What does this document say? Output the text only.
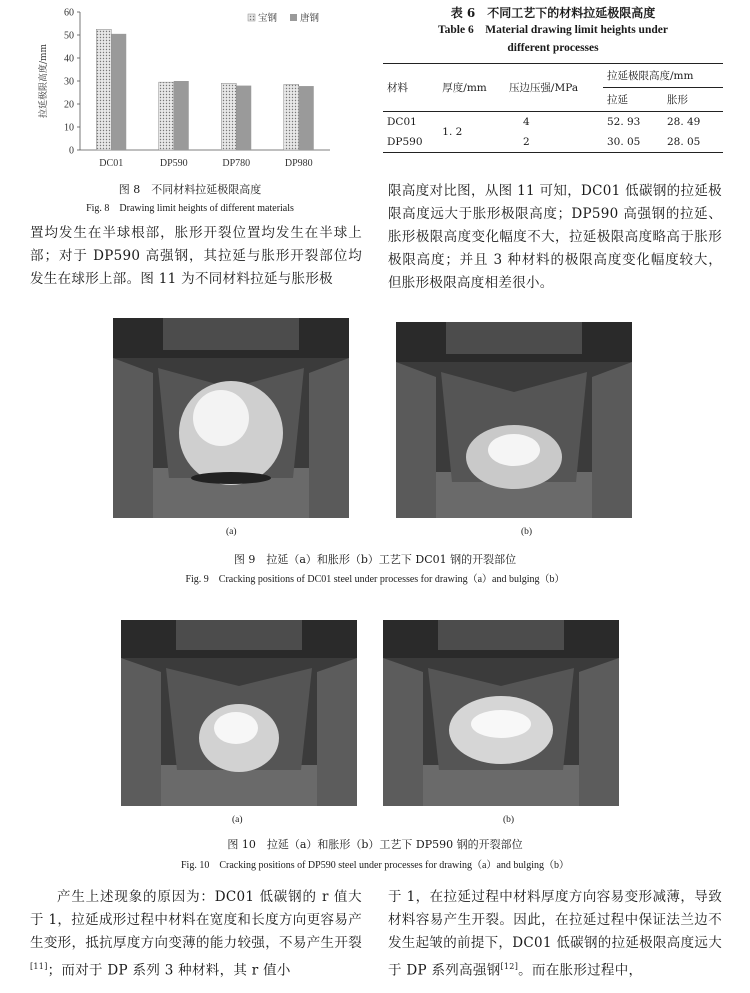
0
10
20
30
40
50
60
拉延极限高度/mm
DC01	DP590	DP780	DP980
宝钢 唐钢
图 8　不同材料拉延极限高度
Fig. 8　Drawing limit heights of different materials
表 6　不同工艺下的材料拉延极限高度
Table 6　Material drawing limit heights under
different processes
材料	厚度/mm	压边压强/MPa	拉延极限高度/mm	
			拉延	胀形
DC01	1. 2	4	52. 93	28. 49
DP590		2	30. 05	28. 05
置均发生在半球根部，胀形开裂位置均发生在半球上部；对于 DP590 高强钢，其拉延与胀形开裂部位均发生在球形上部。图 11 为不同材料拉延与胀形极
限高度对比图，从图 11 可知，DC01 低碳钢的拉延极限高度远大于胀形极限高度；DP590 高强钢的拉延、胀形极限高度变化幅度不大，拉延极限高度略高于胀形极限高度；并且 3 种材料的极限高度变化幅度较大，但胀形极限高度相差很小。
(a)	(b)
图 9　拉延（a）和胀形（b）工艺下 DC01 钢的开裂部位
Fig. 9　Cracking positions of DC01 steel under processes for drawing（a）and bulging（b）
(a)	(b)
图 10　拉延（a）和胀形（b）工艺下 DP590 钢的开裂部位
Fig. 10　Cracking positions of DP590 steel under processes for drawing（a）and bulging（b）
产生上述现象的原因为：DC01 低碳钢的 r 值大于 1，拉延成形过程中材料在宽度和长度方向更容易产生变形，抵抗厚度方向变薄的能力较强，不易产生开裂[11]；而对于 DP 系列 3 种材料，其 r 值小
于 1，在拉延过程中材料厚度方向容易变形减薄，导致材料容易产生开裂。因此，在拉延过程中保证法兰边不发生起皱的前提下，DC01 低碳钢的拉延极限高度远大于 DP 系列高强钢[12]。而在胀形过程中，
